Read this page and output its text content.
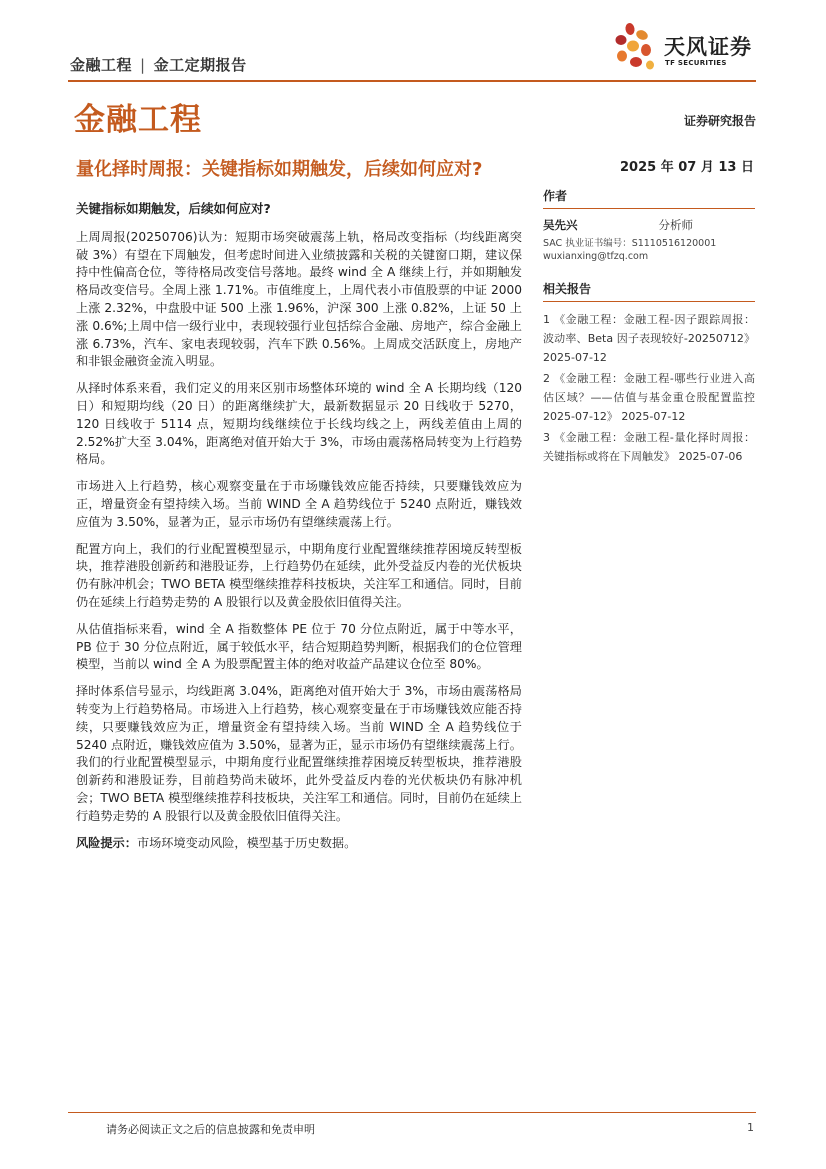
金融工程 | 金工定期报告
天风证券
TF SECURITIES
金融工程	证券研究报告
量化择时周报：关键指标如期触发，后续如何应对?	2025 年 07 月 13 日
关键指标如期触发，后续如何应对?

上周周报(20250706)认为：短期市场突破震荡上轨，格局改变指标（均线距离突破 3%）有望在下周触发，但考虑时间进入业绩披露和关税的关键窗口期，建议保持中性偏高仓位，等待格局改变信号落地。最终 wind 全 A 继续上行，并如期触发格局改变信号。全周上涨 1.71%。市值维度上，上周代表小市值股票的中证 2000 上涨 2.32%，中盘股中证 500 上涨 1.96%，沪深 300 上涨 0.82%，上证 50 上涨 0.6%;上周中信一级行业中，表现较强行业包括综合金融、房地产，综合金融上涨 6.73%，汽车、家电表现较弱，汽车下跌 0.56%。上周成交活跃度上，房地产和非银金融资金流入明显。

从择时体系来看，我们定义的用来区别市场整体环境的 wind 全 A 长期均线（120 日）和短期均线（20 日）的距离继续扩大，最新数据显示 20 日线收于 5270，120 日线收于 5114 点，短期均线继续位于长线均线之上，两线差值由上周的 2.52%扩大至 3.04%，距离绝对值开始大于 3%，市场由震荡格局转变为上行趋势格局。

市场进入上行趋势，核心观察变量在于市场赚钱效应能否持续，只要赚钱效应为正，增量资金有望持续入场。当前 WIND 全 A 趋势线位于 5240 点附近，赚钱效应值为 3.50%，显著为正，显示市场仍有望继续震荡上行。

配置方向上，我们的行业配置模型显示，中期角度行业配置继续推荐困境反转型板块，推荐港股创新药和港股证券，上行趋势仍在延续，此外受益反内卷的光伏板块仍有脉冲机会；TWO BETA 模型继续推荐科技板块，关注军工和通信。同时，目前仍在延续上行趋势走势的 A 股银行以及黄金股依旧值得关注。

从估值指标来看，wind 全 A 指数整体 PE 位于 70 分位点附近，属于中等水平，PB 位于 30 分位点附近，属于较低水平，结合短期趋势判断，根据我们的仓位管理模型，当前以 wind 全 A 为股票配置主体的绝对收益产品建议仓位至 80%。

择时体系信号显示，均线距离 3.04%，距离绝对值开始大于 3%，市场由震荡格局转变为上行趋势格局。市场进入上行趋势，核心观察变量在于市场赚钱效应能否持续，只要赚钱效应为正，增量资金有望持续入场。当前 WIND 全 A 趋势线位于 5240 点附近，赚钱效应值为 3.50%，显著为正，显示市场仍有望继续震荡上行。我们的行业配置模型显示，中期角度行业配置继续推荐困境反转型板块，推荐港股创新药和港股证券，目前趋势尚未破坏，此外受益反内卷的光伏板块仍有脉冲机会；TWO BETA 模型继续推荐科技板块，关注军工和通信。同时，目前仍在延续上行趋势走势的 A 股银行以及黄金股依旧值得关注。

风险提示：市场环境变动风险，模型基于历史数据。

作者
吴先兴	分析师
SAC 执业证书编号：S1110516120001
wuxianxing@tfzq.com
相关报告
1 《金融工程：金融工程-因子跟踪周报：波动率、Beta 因子表现较好-20250712》 2025-07-12
2 《金融工程：金融工程-哪些行业进入高估区域？——估值与基金重仓股配置监控 2025-07-12》 2025-07-12
3 《金融工程：金融工程-量化择时周报：关键指标或将在下周触发》 2025-07-06
请务必阅读正文之后的信息披露和免责申明	1
